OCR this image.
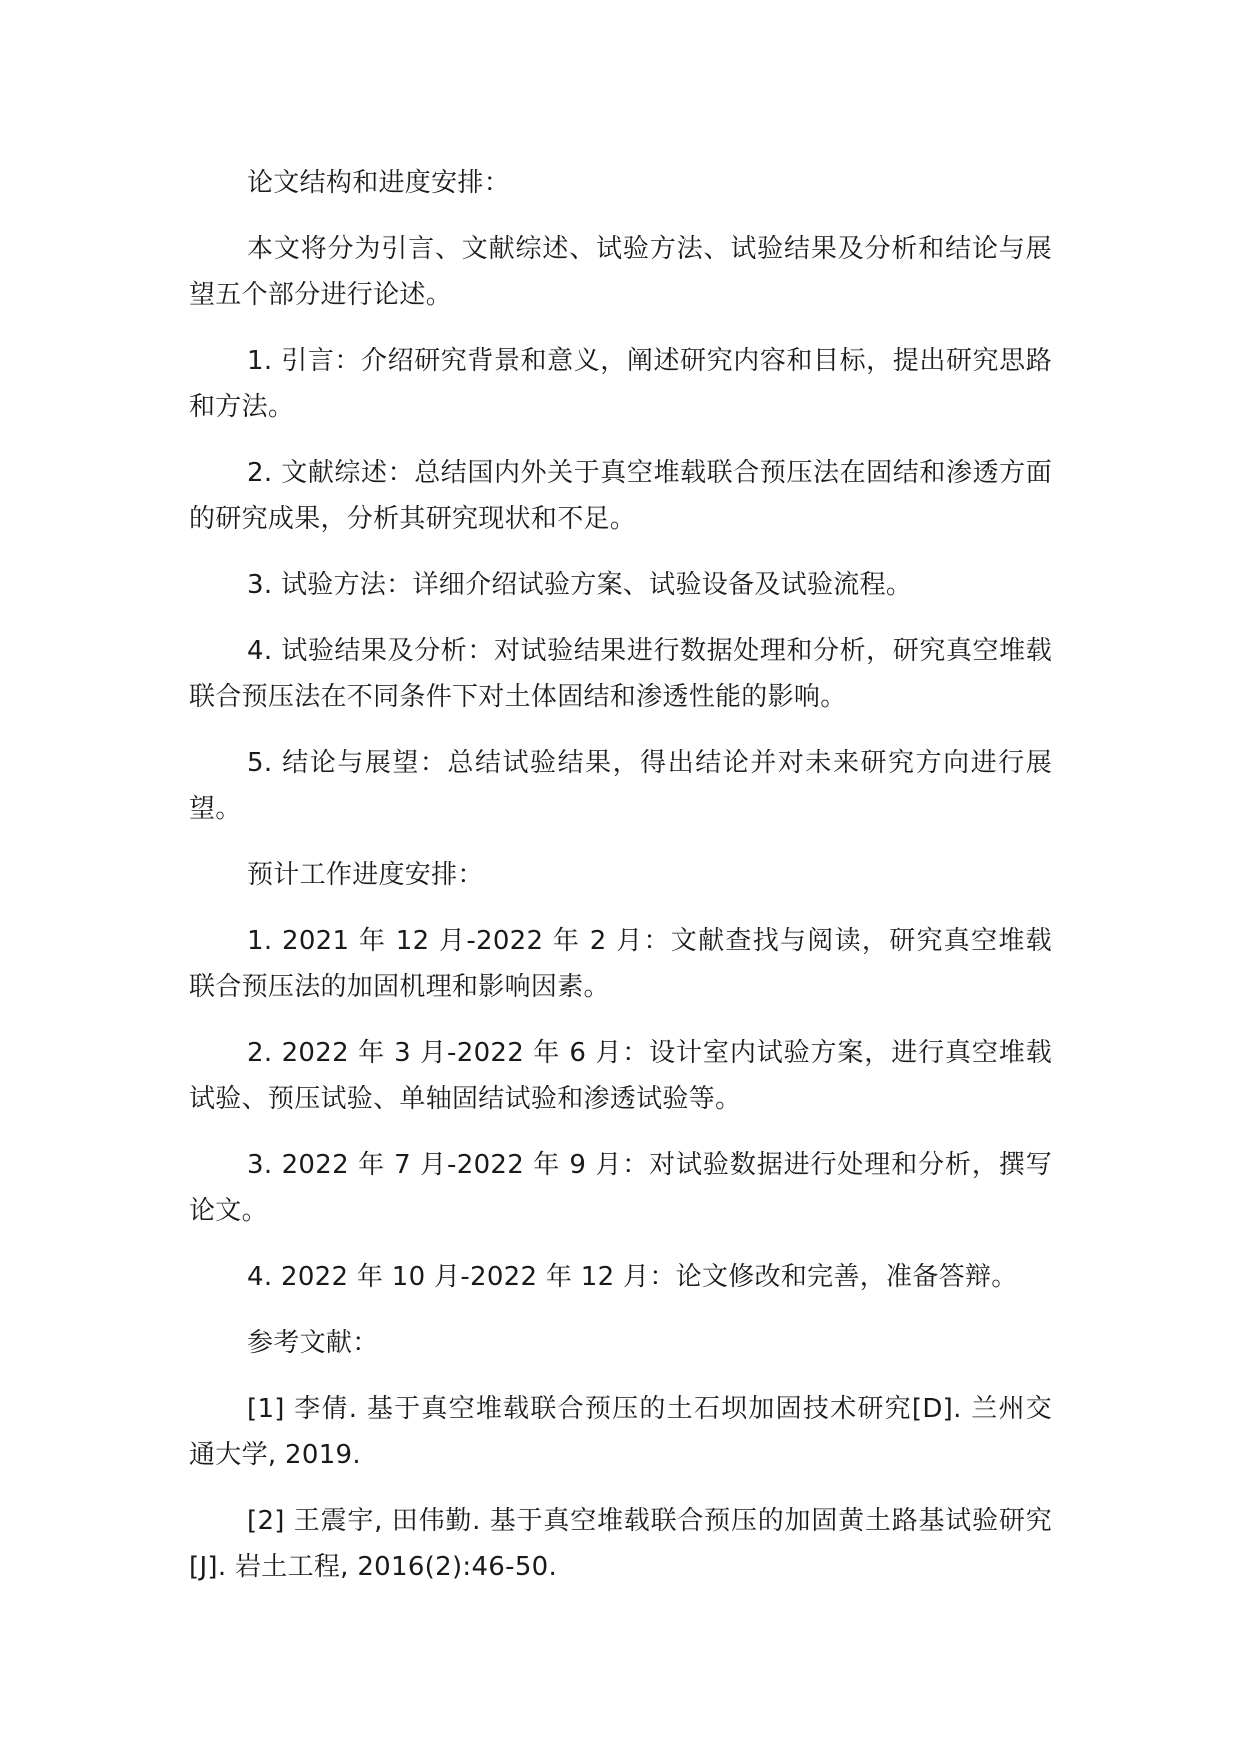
论文结构和进度安排：

本文将分为引言、文献综述、试验方法、试验结果及分析和结论与展望五个部分进行论述。

1. 引言：介绍研究背景和意义，阐述研究内容和目标，提出研究思路和方法。

2. 文献综述：总结国内外关于真空堆载联合预压法在固结和渗透方面的研究成果，分析其研究现状和不足。

3. 试验方法：详细介绍试验方案、试验设备及试验流程。

4. 试验结果及分析：对试验结果进行数据处理和分析，研究真空堆载联合预压法在不同条件下对土体固结和渗透性能的影响。

5. 结论与展望：总结试验结果，得出结论并对未来研究方向进行展望。

预计工作进度安排：

1. 2021 年 12 月-2022 年 2 月：文献查找与阅读，研究真空堆载联合预压法的加固机理和影响因素。

2. 2022 年 3 月-2022 年 6 月：设计室内试验方案，进行真空堆载试验、预压试验、单轴固结试验和渗透试验等。

3. 2022 年 7 月-2022 年 9 月：对试验数据进行处理和分析，撰写论文。

4. 2022 年 10 月-2022 年 12 月：论文修改和完善，准备答辩。

参考文献：

[1] 李倩. 基于真空堆载联合预压的土石坝加固技术研究[D]. 兰州交通大学, 2019.

[2] 王震宇, 田伟勤. 基于真空堆载联合预压的加固黄土路基试验研究[J]. 岩土工程, 2016(2):46-50.
